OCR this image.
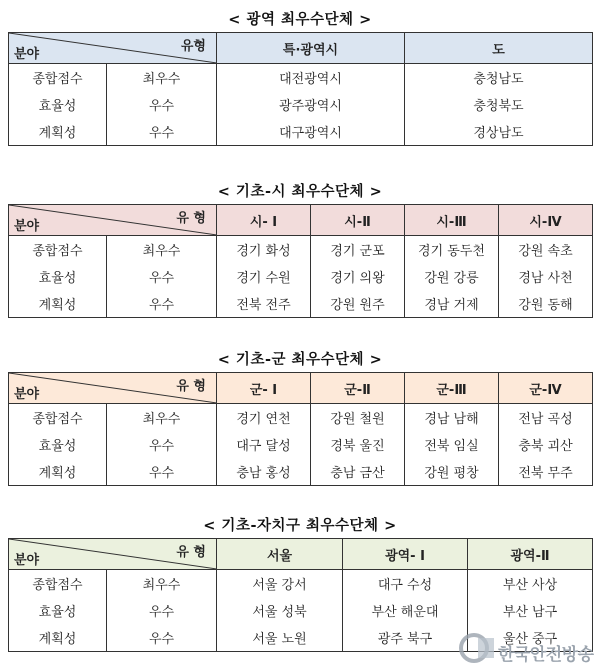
< 광역 최우수단체 >
유형
분야		특·광역시	도
종합점수	최우수	대전광역시	충청남도
효율성	우수	광주광역시	충청북도
계획성	우수	대구광역시	경상남도
< 기초-시 최우수단체 >
유 형
분야		시- Ⅰ	시-Ⅱ	시-Ⅲ	시-Ⅳ
종합점수	최우수	경기 화성	경기 군포	경기 동두천	강원 속초
효율성	우수	경기 수원	경기 의왕	강원 강릉	경남 사천
계획성	우수	전북 전주	강원 원주	경남 거제	강원 동해
< 기초-군 최우수단체 >
유 형
분야		군- Ⅰ	군-Ⅱ	군-Ⅲ	군-Ⅳ
종합점수	최우수	경기 연천	강원 철원	경남 남해	전남 곡성
효율성	우수	대구 달성	경북 울진	전북 임실	충북 괴산
계획성	우수	충남 홍성	충남 금산	강원 평창	전북 무주
< 기초-자치구 최우수단체 >
유 형
분야		서울	광역- Ⅰ	광역-Ⅱ
종합점수	최우수	서울 강서	대구 수성	부산 사상
효율성	우수	서울 성북	부산 해운대	부산 남구
계획성	우수	서울 노원	광주 북구	울산 중구
한국안전방송
